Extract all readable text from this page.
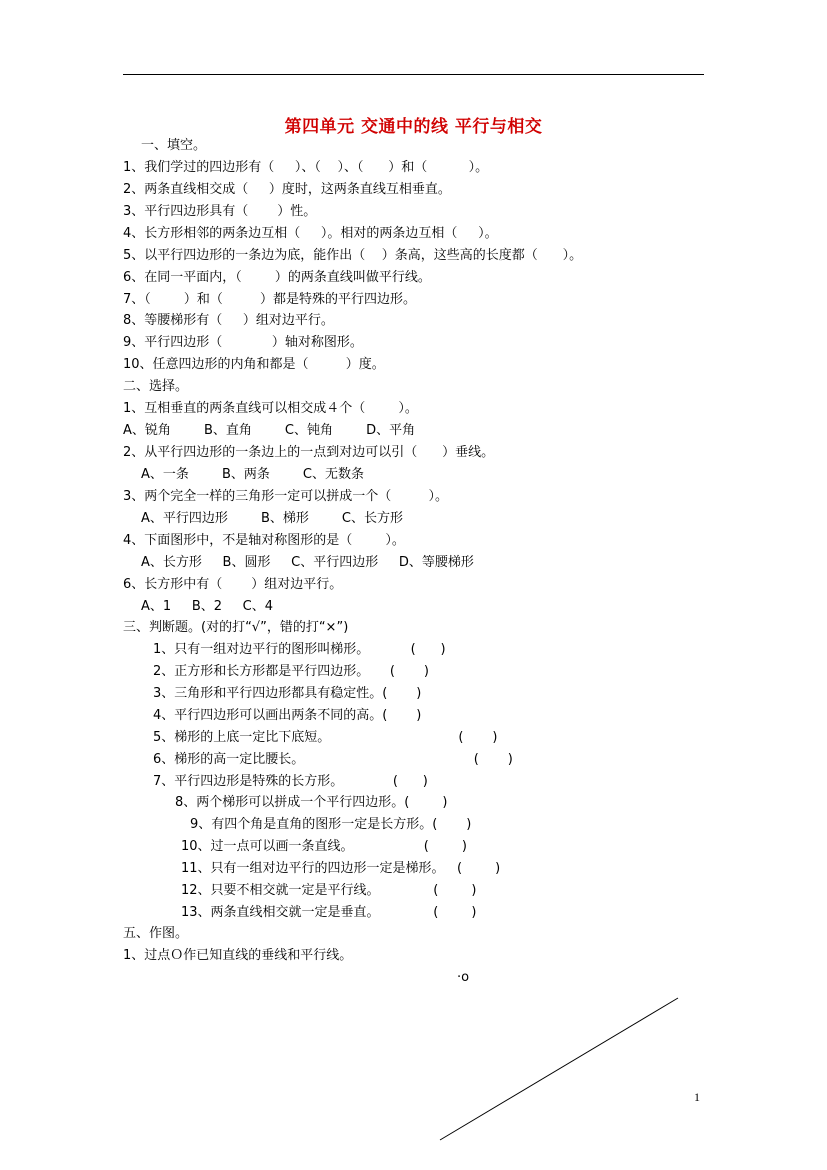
第四单元 交通中的线 平行与相交
一、填空。
1、我们学过的四边形有（     ）、（    ）、（      ）和（          ）。
2、两条直线相交成（     ）度时，这两条直线互相垂直。
3、平行四边形具有（       ）性。
4、长方形相邻的两条边互相（     ）。相对的两条边互相（     ）。
5、以平行四边形的一条边为底，能作出（    ）条高，这些高的长度都（      ）。
6、在同一平面内，（        ）的两条直线叫做平行线。
7、（        ）和（         ）都是特殊的平行四边形。
8、等腰梯形有（     ）组对边平行。
9、平行四边形（            ）轴对称图形。
10、任意四边形的内角和都是（         ）度。
二、选择。
1、互相垂直的两条直线可以相交成４个（        ）。
A、锐角        B、直角        C、钝角        D、平角
2、从平行四边形的一条边上的一点到对边可以引（      ）垂线。
A、一条        B、两条        C、无数条
3、两个完全一样的三角形一定可以拼成一个（         ）。
A、平行四边形        B、梯形        C、长方形
4、下面图形中，不是轴对称图形的是（        ）。
A、长方形     B、圆形     C、平行四边形     D、等腰梯形
6、长方形中有（       ）组对边平行。
A、1     B、2     C、4
三、判断题。(对的打“√”，错的打“×”)
1、只有一组对边平行的图形叫梯形。          (      )
2、正方形和长方形都是平行四边形。     (       )
3、三角形和平行四边形都具有稳定性。(       )
4、平行四边形可以画出两条不同的高。(       )
5、梯形的上底一定比下底短。                               (       )
6、梯形的高一定比腰长。                                         (       )
7、平行四边形是特殊的长方形。            (      )
8、两个梯形可以拼成一个平行四边形。(        )
9、有四个角是直角的图形一定是长方形。(       )
10、过一点可以画一条直线。                 (        )
11、只有一组对边平行的四边形一定是梯形。   (        )
12、只要不相交就一定是平行线。             (        )
13、两条直线相交就一定是垂直。             (        )
五、作图。
1、过点Ｏ作已知直线的垂线和平行线。
·o
1
